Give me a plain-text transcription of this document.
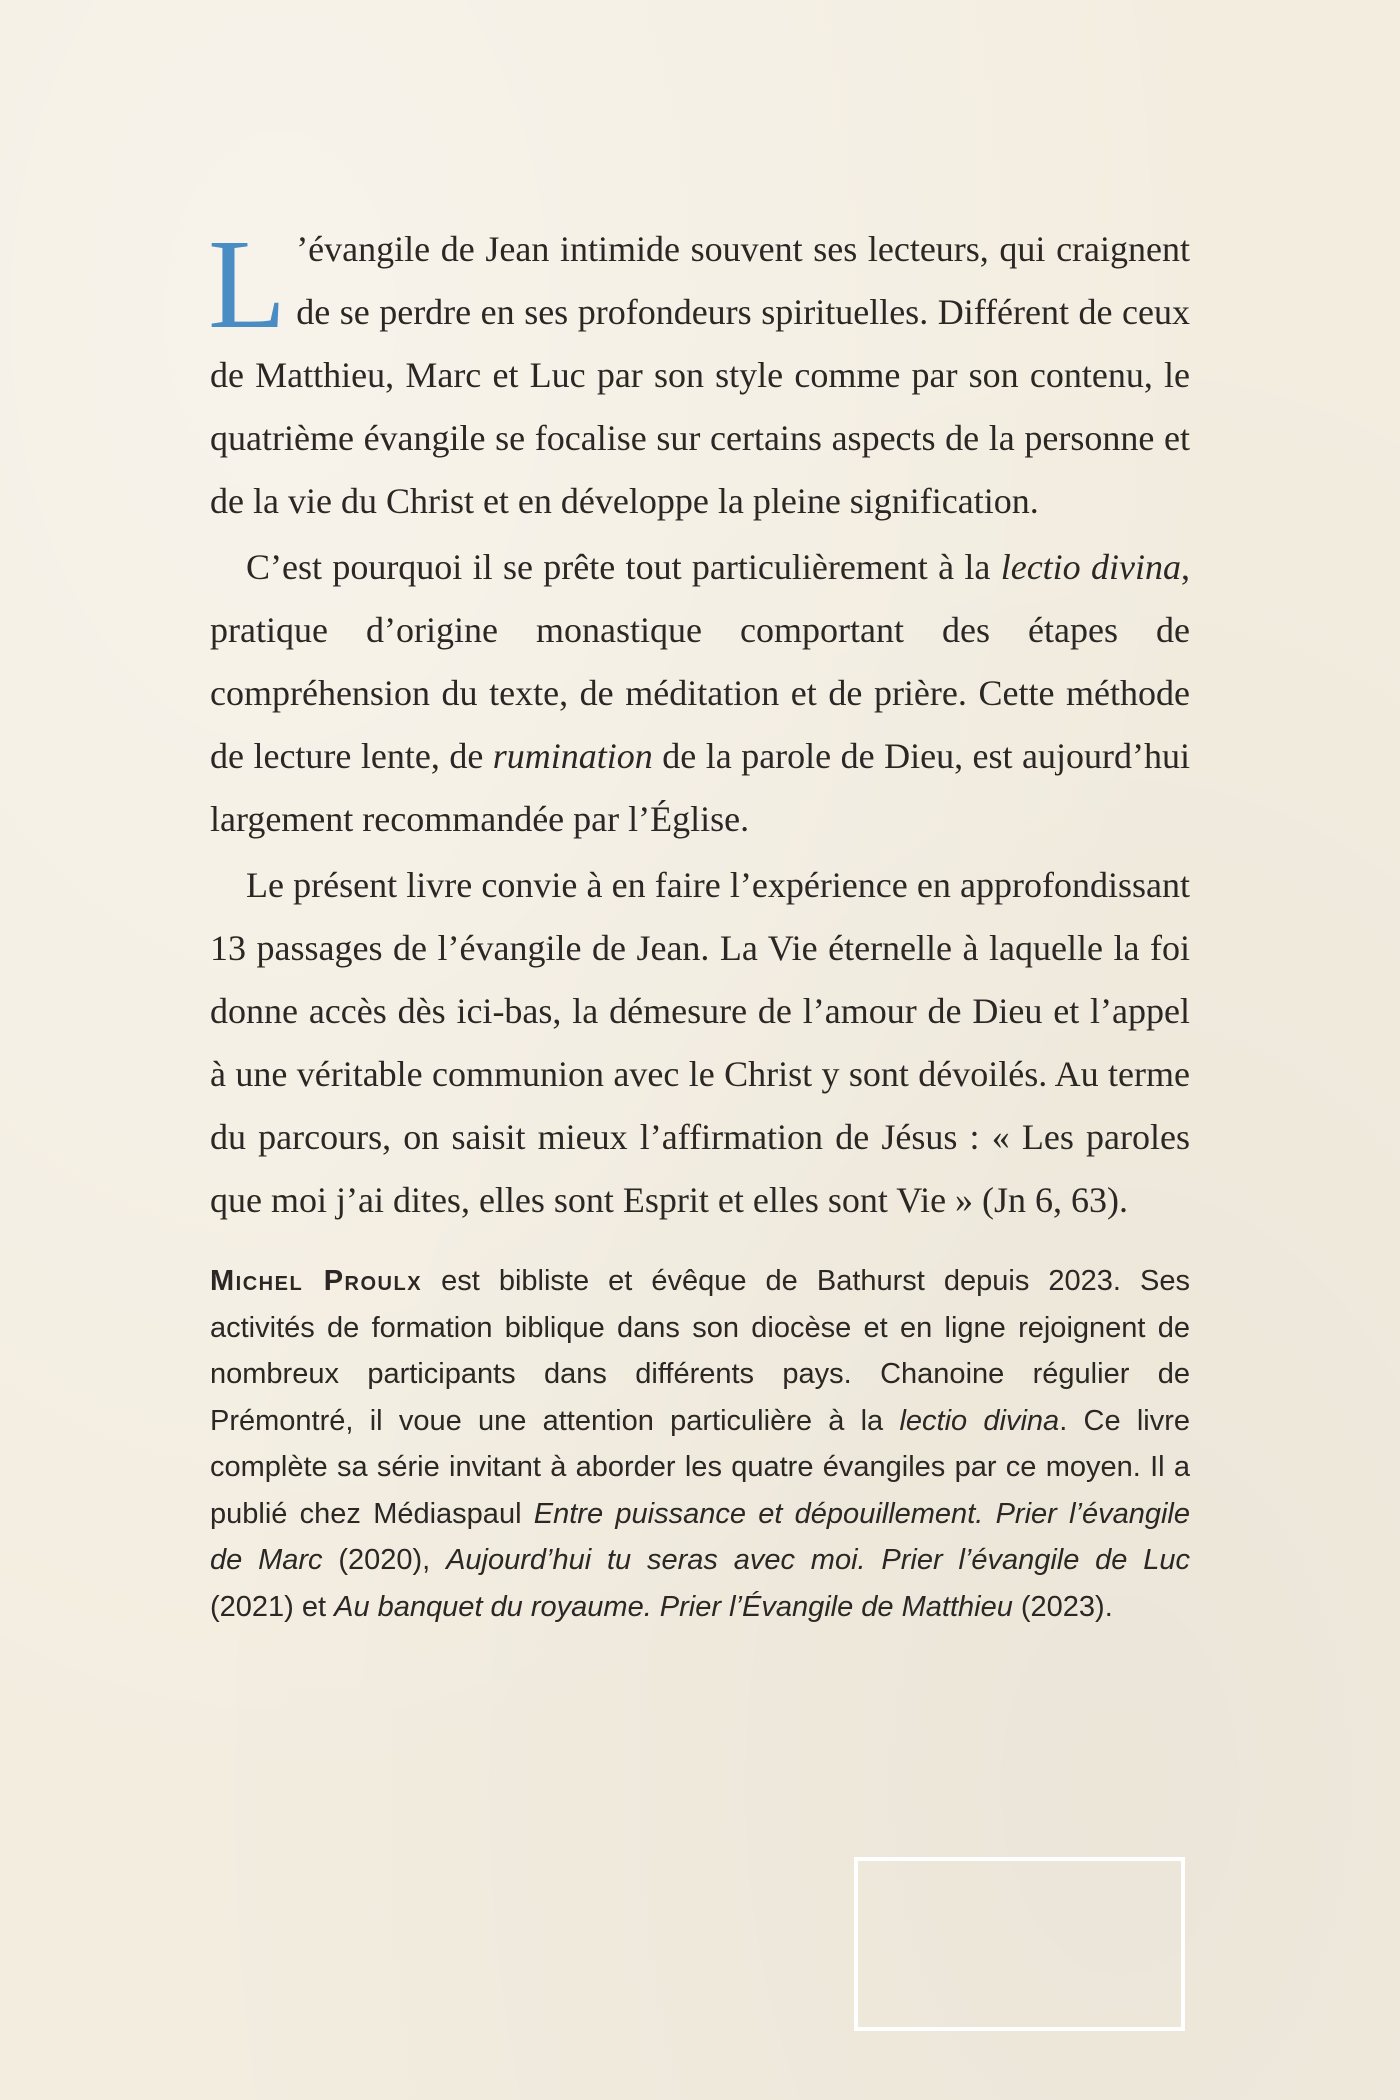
L ’évangile de Jean intimide souvent ses lecteurs, qui craignent de se perdre en ses profondeurs spirituelles. Différent de ceux de Matthieu, Marc et Luc par son style comme par son contenu, le quatrième évangile se focalise sur certains aspects de la personne et de la vie du Christ et en développe la pleine signification.

C’est pourquoi il se prête tout particulièrement à la lectio divina, pratique d’origine monastique comportant des étapes de compréhension du texte, de méditation et de prière. Cette méthode de lecture lente, de rumination de la parole de Dieu, est aujourd’hui largement recommandée par l’Église.

Le présent livre convie à en faire l’expérience en approfondissant 13 passages de l’évangile de Jean. La Vie éternelle à laquelle la foi donne accès dès ici-bas, la démesure de l’amour de Dieu et l’appel à une véritable communion avec le Christ y sont dévoilés. Au terme du parcours, on saisit mieux l’affirmation de Jésus : « Les paroles que moi j’ai dites, elles sont Esprit et elles sont Vie » (Jn 6, 63).

Michel Proulx est bibliste et évêque de Bathurst depuis 2023. Ses activités de formation biblique dans son diocèse et en ligne rejoignent de nombreux participants dans différents pays. Chanoine régulier de Prémontré, il voue une attention particulière à la lectio divina. Ce livre complète sa série invitant à aborder les quatre évangiles par ce moyen. Il a publié chez Médiaspaul Entre puissance et dépouillement. Prier l’évangile de Marc (2020), Aujourd’hui tu seras avec moi. Prier l’évangile de Luc (2021) et Au banquet du royaume. Prier l’Évangile de Matthieu (2023).
